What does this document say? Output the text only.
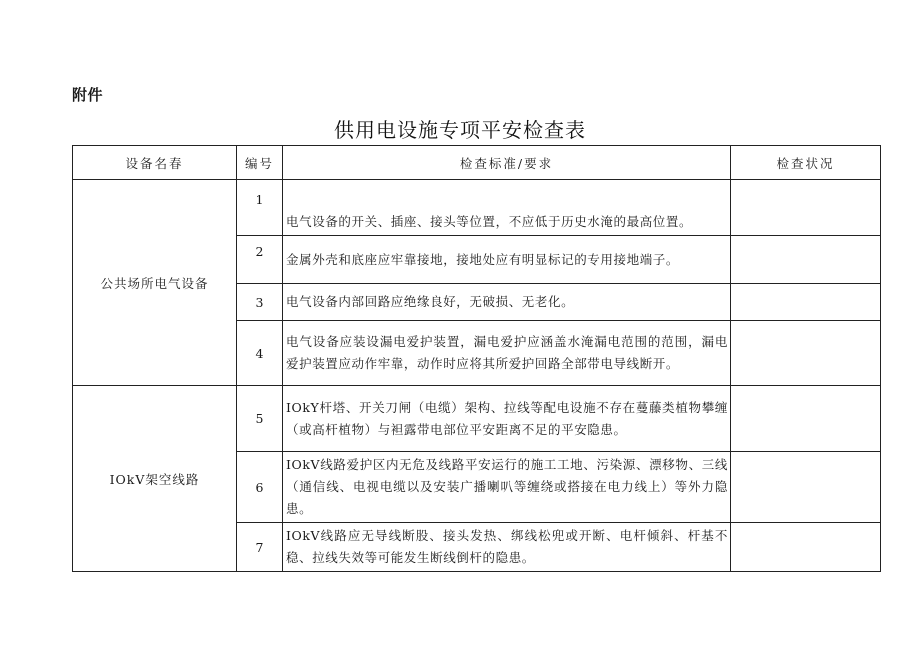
附件
供用电设施专项平安检查表
设备名春	编号	检查标准/要求	检查状况
公共场所电气设备	1	电气设备的开关、插座、接头等位置，不应低于历史水淹的最高位置。	
	2	金属外壳和底座应牢靠接地，接地处应有明显标记的专用接地端子。	
	3	电气设备内部回路应绝缘良好，无破损、无老化。	
	4	电气设备应装设漏电爱护装置，漏电爱护应涵盖水淹漏电范围的范围，漏电爱护装置应动作牢靠，动作时应将其所爱护回路全部带电导线断开。	
IOkV架空线路	5	IOkY杆塔、开关刀闸（电缆）架构、拉线等配电设施不存在蔓藤类植物攀缠（或高杆植物）与袒露带电部位平安距离不足的平安隐患。	
	6	IOkV线路爱护区内无危及线路平安运行的施工工地、污染源、漂移物、三线（通信线、电视电缆以及安装广播喇叭等缠绕或搭接在电力线上）等外力隐患。	
	7	IOkV线路应无导线断股、接头发热、绑线松兜或开断、电杆倾斜、杆基不稳、拉线失效等可能发生断线倒杆的隐患。	
